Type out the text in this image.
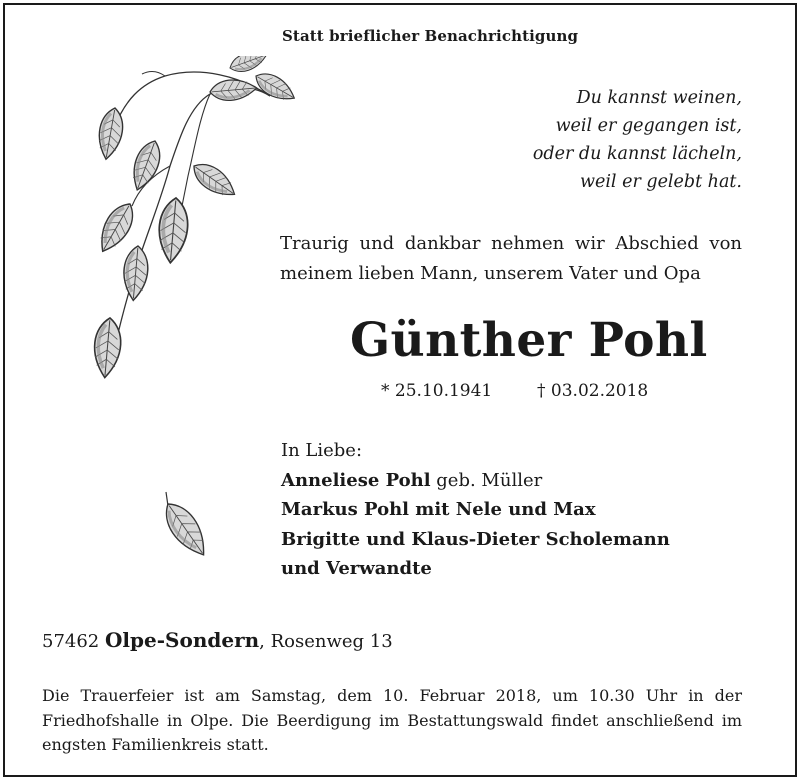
Statt brieflicher Benachrichtigung
Du kannst weinen,
weil er gegangen ist,
oder du kannst lächeln,
weil er gelebt hat.
Traurig und dankbar nehmen wir Abschied von
meinem lieben Mann, unserem Vater und Opa
Günther Pohl
* 25.10.1941	† 03.02.2018
In Liebe:
Anneliese Pohl geb. Müller
Markus Pohl mit Nele und Max
Brigitte und Klaus-Dieter Scholemann
und Verwandte
57462 Olpe-Sondern, Rosenweg 13
Die Trauerfeier ist am Samstag, dem 10. Februar 2018, um 10.30 Uhr in der
Friedhofshalle in Olpe. Die Beerdigung im Bestattungswald findet anschließend im
engsten Familienkreis statt.
